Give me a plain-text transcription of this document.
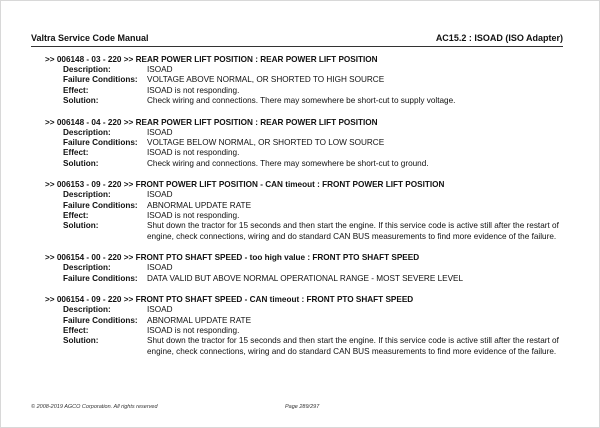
Valtra Service Code Manual	AC15.2 : ISOAD (ISO Adapter)
>> 006148 - 03 - 220 >> REAR POWER LIFT POSITION : REAR POWER LIFT POSITION
Description:	ISOAD
Failure Conditions:	VOLTAGE ABOVE NORMAL, OR SHORTED TO HIGH SOURCE
Effect:	ISOAD is not responding.
Solution:	Check wiring and connections. There may somewhere be short-cut to supply voltage.
>> 006148 - 04 - 220 >> REAR POWER LIFT POSITION : REAR POWER LIFT POSITION
Description:	ISOAD
Failure Conditions:	VOLTAGE BELOW NORMAL, OR SHORTED TO LOW SOURCE
Effect:	ISOAD is not responding.
Solution:	Check wiring and connections. There may somewhere be short-cut to ground.
>> 006153 - 09 - 220 >> FRONT POWER LIFT POSITION - CAN timeout : FRONT POWER LIFT POSITION
Description:	ISOAD
Failure Conditions:	ABNORMAL UPDATE RATE
Effect:	ISOAD is not responding.
Solution:	Shut down the tractor for 15 seconds and then start the engine. If this service code is active still after the restart of engine, check connections, wiring and do standard CAN BUS measurements to find more evidence of the failure.
>> 006154 - 00 - 220 >> FRONT PTO SHAFT SPEED - too high value : FRONT PTO SHAFT SPEED
Description:	ISOAD
Failure Conditions:	DATA VALID BUT ABOVE NORMAL OPERATIONAL RANGE - MOST SEVERE LEVEL
>> 006154 - 09 - 220 >> FRONT PTO SHAFT SPEED - CAN timeout : FRONT PTO SHAFT SPEED
Description:	ISOAD
Failure Conditions:	ABNORMAL UPDATE RATE
Effect:	ISOAD is not responding.
Solution:	Shut down the tractor for 15 seconds and then start the engine. If this service code is active still after the restart of engine, check connections, wiring and do standard CAN BUS measurements to find more evidence of the failure.
© 2008-2019 AGCO Corporation. All rights reserved	Page 289/297
